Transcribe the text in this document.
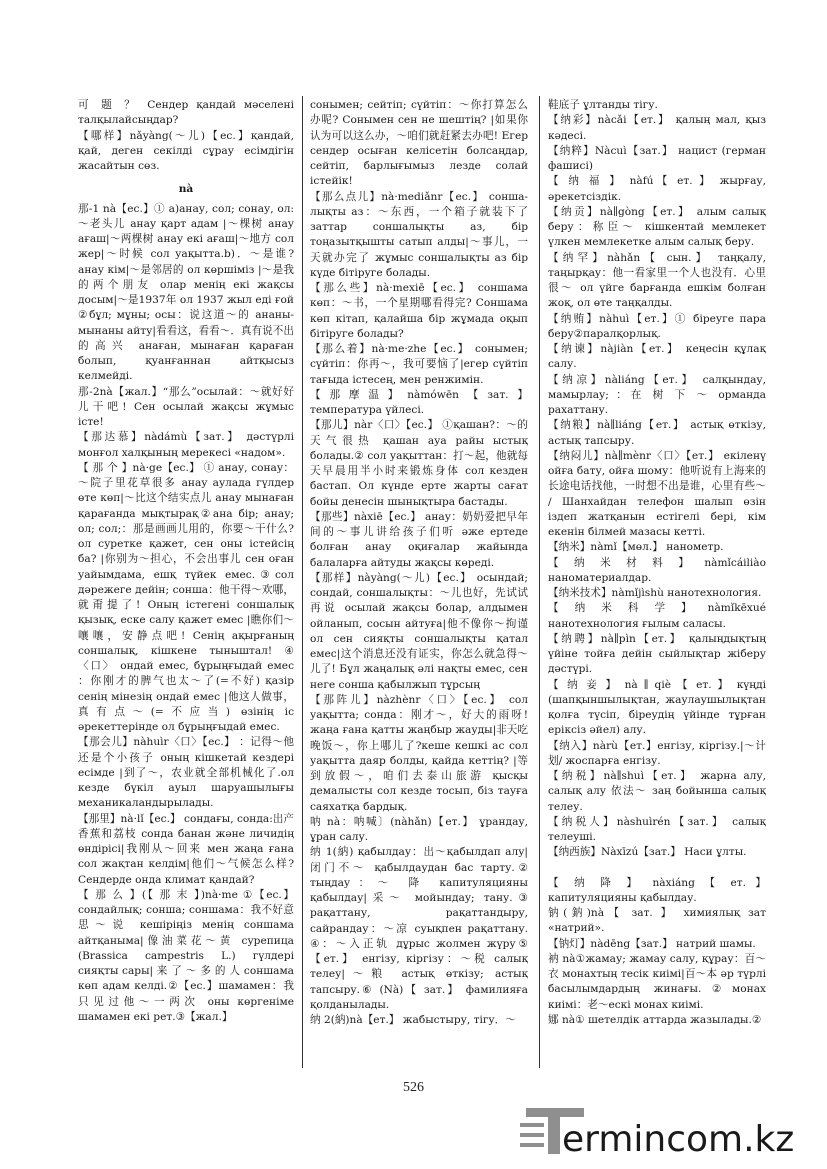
可 题 ？ Сендер қандай мәселені талқылайсыңдар?

【哪样】nǎyàng(～儿)【ес.】қандай, қай, деген секілді сұрау есімдігін жасайтын сөз.

nà

那-1 nà【ес.】① а)анау, сол; сонау, ол: ～老头儿 анау қарт адам |～棵树 анау ағаш|～两棵树 анау екі ағаш|～地方 сол жер|～时候 сол уақытта.b)．～是谁?анау кім|～是邻居的 ол көршіміз |～是我的两个朋友 олар менің екі жақсы досым|～是1937年 ол 1937 жыл еді ғой ②бұл; мұны; осы：说这道～的 ананы-мынаны айту|看看这，看看～．真有说不出的高兴 анаған, мынаған қараған болып, қуанғаннан айтқысыз келмейді.

那-2nà【жал.】“那么”осылай：～就好好儿干吧! Сен осылай жақсы жұмыс істе!

【那达慕】nàdámù【зат.】 дәстүрлі монғол халқының мерекесі «надом».

【 那 个 】nà·ge【ес.】 ① анау, сонау：～院子里花草很多 анау аулада гүлдер өте көп|～比这个结实点儿 анау мынаған қарағанда мықтырақ②ана бір; анау; ол; сол;：那是画画儿用的，你要～干什么?ол суретке қажет, сен оны істейсің ба? |你别为～担心，不会出事儿 сен оған уайымдама, ешқ түйек емес.③сол дәрежеге дейін; сонша：他干得～欢哪，就甭提了! Оның істегені соншалық қызық, еске салу қажет емес |瞧你们～嚷嚷，安静点吧! Сенің ақырғаның соншалық, кішкене тыныштал! ④〈口〉 ондай емес, бұрыңғыдай емес ：你刚才的脾气也太～了(=不好) қазір сенің мінезің ондай емес |他这人做事，真有点～(=不应当) өзінің іс әрекеттерінде ол бұрыңғыдай емес.

【那会儿】nàhuìr〈口〉【ес.】 ：记得～他还是个小孩子 оның кішкетай кездері есімде |到了～，农业就全部机械化了.ол кезде бүкіл ауыл шаруашылығы механикаландырылады.

【那里】nà·lǐ【ес.】 сондағы, сонда:出产香蕉和荔枝 сонда банан және личидің өндірісі|我刚从～回来 мен жаңа ғана сол жақтан келдім|他们～气候怎么样? Сендерде онда климат қандай?

【 那 么 】(【 那 末 】)nà·me ①【ес.】 сондайлық; сонша; соншама：我不好意思～说 кешіріңіз менің соншама айтқаныма|像油菜花～黄 сурепица (Brassica campestris L.) гүлдері сияқты сары| 来 了 ～ 多 的 人 соншама көп адам келді.②【ес.】шамамен：我只见过他～一两次 оны көргеніме шамамен екі рет.③【жал.】

сонымен; сейтіп; сүйтіп：～你打算怎么办呢? Сонымен сен не шештің? |如果你认为可以这么办，～咱们就赶紧去办吧! Егер сендер осыған келісетін болсаңдар, сейтіп, барлығымыз лезде солай істейік!

【那么点儿】nà·mediǎnr【ес.】 сонша-лықты аз：～东西，一个箱子就装下了 заттар соншалықты аз, бір тоңазытқышты сатып алды|～事儿，一天就办完了 жұмыс соншалықты аз бір күде бітіруге болады.

【那么些】nà·mexiē【ес.】 соншама көп：～书，一个星期哪看得完? Соншама көп кітап, қалайша бір жұмада оқып бітіруге болады?

【那么着】nà·me·zhe【ес.】 сонымен; сүйтіп：你再～，我可要恼了|егер сүйтіп тағыда істесең, мен ренжимін.

【那摩温】nàmówēn【зат.】 температура үйлесі.

【那儿】nàr〈口〉【ес.】 ①қашан?：～的天气很热 қашан ауа райы ыстық болады.② сол уақыттан：打～起，他就每天早晨用半小时来锻炼身体 сол кезден бастап. Ол күнде ерте жарты сағат бойы денесін шынықтыра бастады.

【那些】nàxiē【ес.】 анау：奶奶爱把早年间的～事儿讲给孩子们听 әже ертеде болған анау оқиғалар жайында балаларға айтуды жақсы көреді.

【那样】nàyàng(～儿)【ес.】 осындай; сондай, соншалықты：～儿也好，先试试再说 осылай жақсы болар, алдымен ойланып, сосын айтуға|他不像你～拘谨 ол сен сияқты соншалықты қатал емес|这个消息还没有证实，你怎么就急得～儿了! Бұл жаңалық әлі нақты емес, сен неге сонша қабылжып тұрсың

【那阵儿】nàzhènr〈口〉【ес.】 сол уақытта; сонда：刚才～，好大的雨呀!жаңа ғана қатты жаңбыр жауды|非天吃晚饭～，你上哪儿了?кеше кешкі ас сол уақытта даяр болды, қайда кеттің? |等到放假～，咱们去泰山旅游 қысқы демалысты сол кезде тосып, біз тауға саяхатқа бардық.

呐 nà：呐喊〕(nàhǎn)【ет.】 ұрандау, ұран салу.

纳 1(納) қабылдау：出～қабылдап алу|闭门不～ қабылдаудан бас тарту.② тыңдау：～ 降 капитуляцияны қабылдау|采～ мойындау; тану.③ рақаттану, рақаттандыру, сайрандау：～凉 суықпен рақаттану. ④：～入正轨 дұрыс жолмен жүру⑤【ет.】 енгізу, кіргізу：～税 салық телеу|～粮 астық өткізу; астық тапсыру.⑥ (Nà)【 зат.】 фамилияға қолданылады.

纳 2(納)nà【ет.】 жабыстыру, тігу．～

鞋底子 ұлтанды тігу.

【纳彩】nàcǎi【ет.】 қалың мал, қыз кәдесі.

【纳粹】Nàcuì【зат.】 нацист (герман фашисі)

【 纳 福 】 nàfú【 ет. 】 жырғау, әрекетсіздік.

【纳贡】nà∥gòng【ет.】 алым салық беру：称臣～ кішкентай мемлекет үлкен мемлекетке алым салық беру.

【纳罕】nàhǎn【 сын.】 таңқалу, таңырқау：他一看家里一个人也没有．心里很～ ол үйге барғанда ешкім болған жоқ, ол өте таңқалды.

【纳贿】nàhuì【ет.】① біреуге пара беру②паралқорлық.

【纳谏】nàjiàn【ет.】 кеңесін құлақ салу.

【纳凉】nàliáng【ет.】 салқындау, мамырлау; ：在 树 下 ～ орманда рахаттану.

【纳粮】nà∥liáng【ет.】 астық өткізу, астық тапсыру.

【纳闷儿】nà∥mènr〈口〉【ет.】 екіленү ойға бату, ойға шому：他听说有上海来的长途电话找他，一时想不出是谁，心里有些～ / Шанхайдан телефон шалып өзін іздеп жатқанын естігелі бері, кім екенін білмей мазасы кетті.

【纳米】nàmǐ【мөл.】 нанометр.

【 纳 米 材 料 】 nàmǐcáiliào наноматериалдар.

【纳米技术】nàmǐjìshù нанотехнология.

【 纳 米 科 学 】 nàmǐkēxué нанотехнология ғылым саласы.

【纳聘】nà∥pìn【ет.】 қалыңдықтың үйіне тойға дейін сыйлықтар жіберу дәстүрі.

【 纳 妾 】 nà ∥ qiè 【 ет. 】 күңді (шапқыншылықтан, жаулаушылықтан қолға түсіп, біреудің үйінде тұрған еріксіз әйел) алу.

【纳入】nàrù【ет.】енгізу, кіргізу.|～计划/ жоспарға енгізу.

【纳税】nà∥shuì【ет.】 жарна алу, салық алу 依法～ заң бойынша салық телеу.

【纳税人】nàshuìrén【зат.】 салық телеуші.

【纳西族】Nàxīzú【зат.】 Наси ұлты.

【 纳 降 】 nàxiáng 【 ет. 】 капитуляцияны қабылдау.

钠(鈉)nà【 зат. 】 химиялық зат «натрий».

【钠灯】nàdēng【зат.】 натрий шамы.

衲 nà①жамау; жамау салу, құрау：百～衣 монахтың тесік киімі|百～本 әр түрлі басылымдардың жинағы.②монах киімі：老～ескі монах киімі.

娜 nà① шетелдік аттарда жазылады.②

526
ermincom.kz
